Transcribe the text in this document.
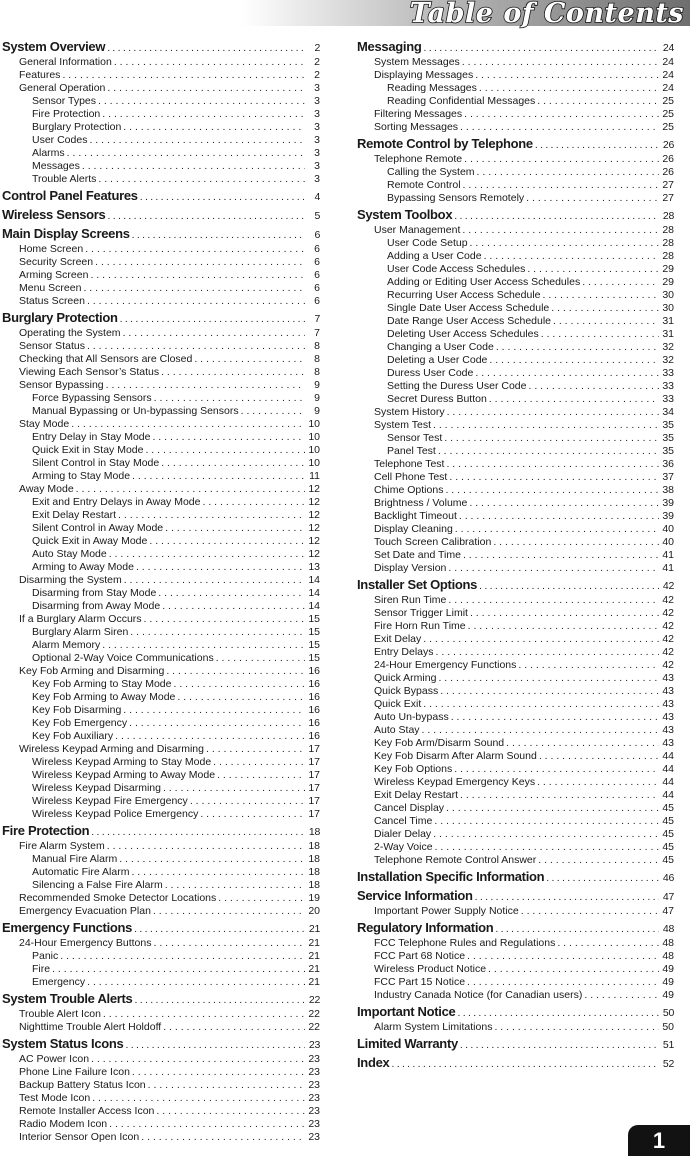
Table of Contents
System Overview . . .	2
General Information . . .	2
Features . . .	2
General Operation . . .	3
Sensor Types . . .	3
Fire Protection . . .	3
Burglary Protection . . .	3
User Codes . . .	3
Alarms . . .	3
Messages . . .	3
Trouble Alerts . . .	3
Control Panel Features . . .	4
Wireless Sensors . . .	5
Main Display Screens . . .	6
Home Screen . . .	6
Security Screen . . .	6
Arming Screen . . .	6
Menu Screen . . .	6
Status Screen . . .	6
Burglary Protection . . .	7
Operating the System . . .	7
Sensor Status . . .	8
Checking that All Sensors are Closed . . .	8
Viewing Each Sensor’s Status . . .	8
Sensor Bypassing . . .	9
Force Bypassing Sensors . . .	9
Manual Bypassing or Un-bypassing Sensors . . .	9
Stay Mode . . .	10
Entry Delay in Stay Mode . . .	10
Quick Exit in Stay Mode . . .	10
Silent Control in Stay Mode . . .	10
Arming to Stay Mode . . .	11
Away Mode . . .	12
Exit and Entry Delays in Away Mode . . .	12
Exit Delay Restart . . .	12
Silent Control in Away Mode . . .	12
Quick Exit in Away Mode . . .	12
Auto Stay Mode . . .	12
Arming to Away Mode . . .	13
Disarming the System . . .	14
Disarming from Stay Mode . . .	14
Disarming from Away Mode . . .	14
If a Burglary Alarm Occurs . . .	15
Burglary Alarm Siren . . .	15
Alarm Memory . . .	15
Optional 2-Way Voice Communications . . .	15
Key Fob Arming and Disarming . . .	16
Key Fob Arming to Stay Mode . . .	16
Key Fob Arming to Away Mode . . .	16
Key Fob Disarming . . .	16
Key Fob Emergency . . .	16
Key Fob Auxiliary . . .	16
Wireless Keypad Arming and Disarming . . .	17
Wireless Keypad Arming to Stay Mode . . .	17
Wireless Keypad Arming to Away Mode . . .	17
Wireless Keypad Disarming . . .	17
Wireless Keypad Fire Emergency . . .	17
Wireless Keypad Police Emergency . . .	17
Fire Protection . . .	18
Fire Alarm System . . .	18
Manual Fire Alarm . . .	18
Automatic Fire Alarm . . .	18
Silencing a False Fire Alarm . . .	18
Recommended Smoke Detector Locations . . .	19
Emergency Evacuation Plan . . .	20
Emergency Functions . . .	21
24-Hour Emergency Buttons . . .	21
Panic . . .	21
Fire . . .	21
Emergency . . .	21
System Trouble Alerts . . .	22
Trouble Alert Icon . . .	22
Nighttime Trouble Alert Holdoff . . .	22
System Status Icons . . .	23
AC Power Icon . . .	23
Phone Line Failure Icon . . .	23
Backup Battery Status Icon . . .	23
Test Mode Icon . . .	23
Remote Installer Access Icon . . .	23
Radio Modem Icon . . .	23
Interior Sensor Open Icon . . .	23
Messaging . . .	24
System Messages . . .	24
Displaying Messages . . .	24
Reading Messages . . .	24
Reading Confidential Messages . . .	25
Filtering Messages . . .	25
Sorting Messages . . .	25
Remote Control by Telephone . . .	26
Telephone Remote . . .	26
Calling the System . . .	26
Remote Control . . .	27
Bypassing Sensors Remotely . . .	27
System Toolbox . . .	28
User Management . . .	28
User Code Setup . . .	28
Adding a User Code . . .	28
User Code Access Schedules . . .	29
Adding or Editing User Access Schedules . . .	29
Recurring User Access Schedule . . .	30
Single Date User Access Schedule . . .	30
Date Range User Access Schedule . . .	31
Deleting User Access Schedules . . .	31
Changing a User Code . . .	32
Deleting a User Code . . .	32
Duress User Code . . .	33
Setting the Duress User Code . . .	33
Secret Duress Button . . .	33
System History . . .	34
System Test . . .	35
Sensor Test . . .	35
Panel Test . . .	35
Telephone Test . . .	36
Cell Phone Test . . .	37
Chime Options . . .	38
Brightness / Volume . . .	39
Backlight Timeout . . .	39
Display Cleaning . . .	40
Touch Screen Calibration . . .	40
Set Date and Time . . .	41
Display Version . . .	41
Installer Set Options . . .	42
Siren Run Time . . .	42
Sensor Trigger Limit . . .	42
Fire Horn Run Time . . .	42
Exit Delay . . .	42
Entry Delays . . .	42
24-Hour Emergency Functions . . .	42
Quick Arming . . .	43
Quick Bypass . . .	43
Quick Exit . . .	43
Auto Un-bypass . . .	43
Auto Stay . . .	43
Key Fob Arm/Disarm Sound . . .	43
Key Fob Disarm After Alarm Sound . . .	44
Key Fob Options . . .	44
Wireless Keypad Emergency Keys . . .	44
Exit Delay Restart . . .	44
Cancel Display . . .	45
Cancel Time . . .	45
Dialer Delay . . .	45
2-Way Voice . . .	45
Telephone Remote Control Answer . . .	45
Installation Specific Information . . .	46
Service Information . . .	47
Important Power Supply Notice . . .	47
Regulatory Information . . .	48
FCC Telephone Rules and Regulations . . .	48
FCC Part 68 Notice . . .	48
Wireless Product Notice . . .	49
FCC Part 15 Notice . . .	49
Industry Canada Notice (for Canadian users) . . .	49
Important Notice . . .	50
Alarm System Limitations . . .	50
Limited Warranty . . .	51
Index . . .	52
1
